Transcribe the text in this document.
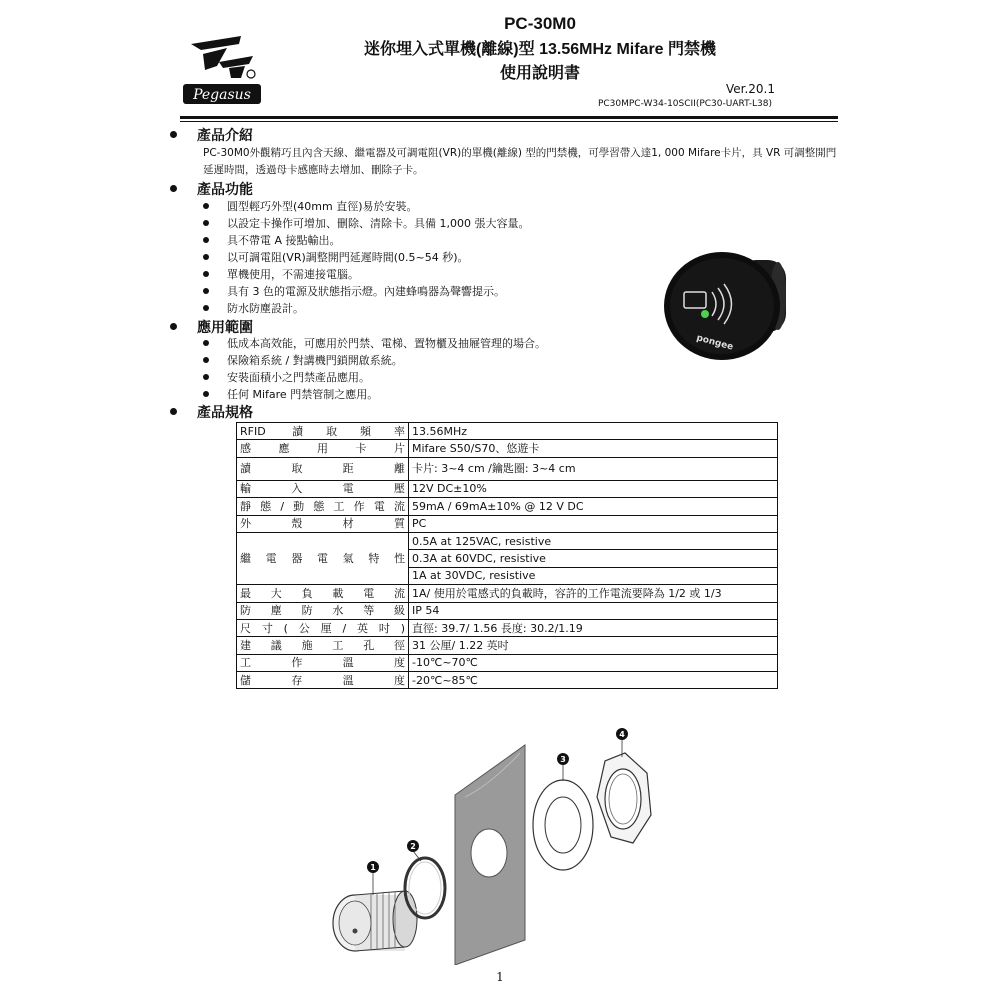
Pegasus
PC-30M0
迷你埋入式單機(離線)型 13.56MHz Mifare 門禁機
使用說明書
Ver.20.1
PC30MPC-W34-10SCII(PC30-UART-L38)
產品介紹
PC-30M0外觀精巧且內含天線、繼電器及可調電阻(VR)的單機(離線) 型的門禁機，可學習帶入達1, 000 Mifare卡片，具 VR 可調整開門延遲時間，透過母卡感應時去增加、刪除子卡。
產品功能
圓型輕巧外型(40mm 直徑)易於安裝。
以設定卡操作可增加、刪除、清除卡。具備 1,000 張大容量。
具不帶電 A 接點輸出。
以可調電阻(VR)調整開門延遲時間(0.5~54 秒)。
單機使用，不需連接電腦。
具有 3 色的電源及狀態指示燈。內建蜂鳴器為聲響提示。
防水防塵設計。
應用範圍
低成本高效能，可應用於門禁、電梯、置物櫃及抽屜管理的場合。
保險箱系統 / 對講機門鎖開啟系統。
安裝面積小之門禁產品應用。
任何 Mifare 門禁管制之應用。
產品規格
RFID 讀取頻率	13.56MHz
感應用卡片	Mifare S50/S70、悠遊卡
讀取距離	卡片: 3~4 cm /鑰匙圈: 3~4 cm
輸入電壓	12V DC±10%
靜態/動態工作電流	59mA / 69mA±10% @ 12 V DC
外殼材質	PC
繼電器電氣特性	0.5A at 125VAC, resistive
	0.3A at 60VDC, resistive
	1A at 30VDC, resistive
最大負載電流	1A/ 使用於電感式的負載時，容許的工作電流要降為 1/2 或 1/3
防塵防水等級	IP 54
尺寸(公厘/英吋)	直徑: 39.7/ 1.56 長度: 30.2/1.19
建議施工孔徑	31 公厘/ 1.22 英吋
工作溫度	-10℃~70℃
儲存溫度	-20℃~85℃
pongee
1
2
3
4
1
